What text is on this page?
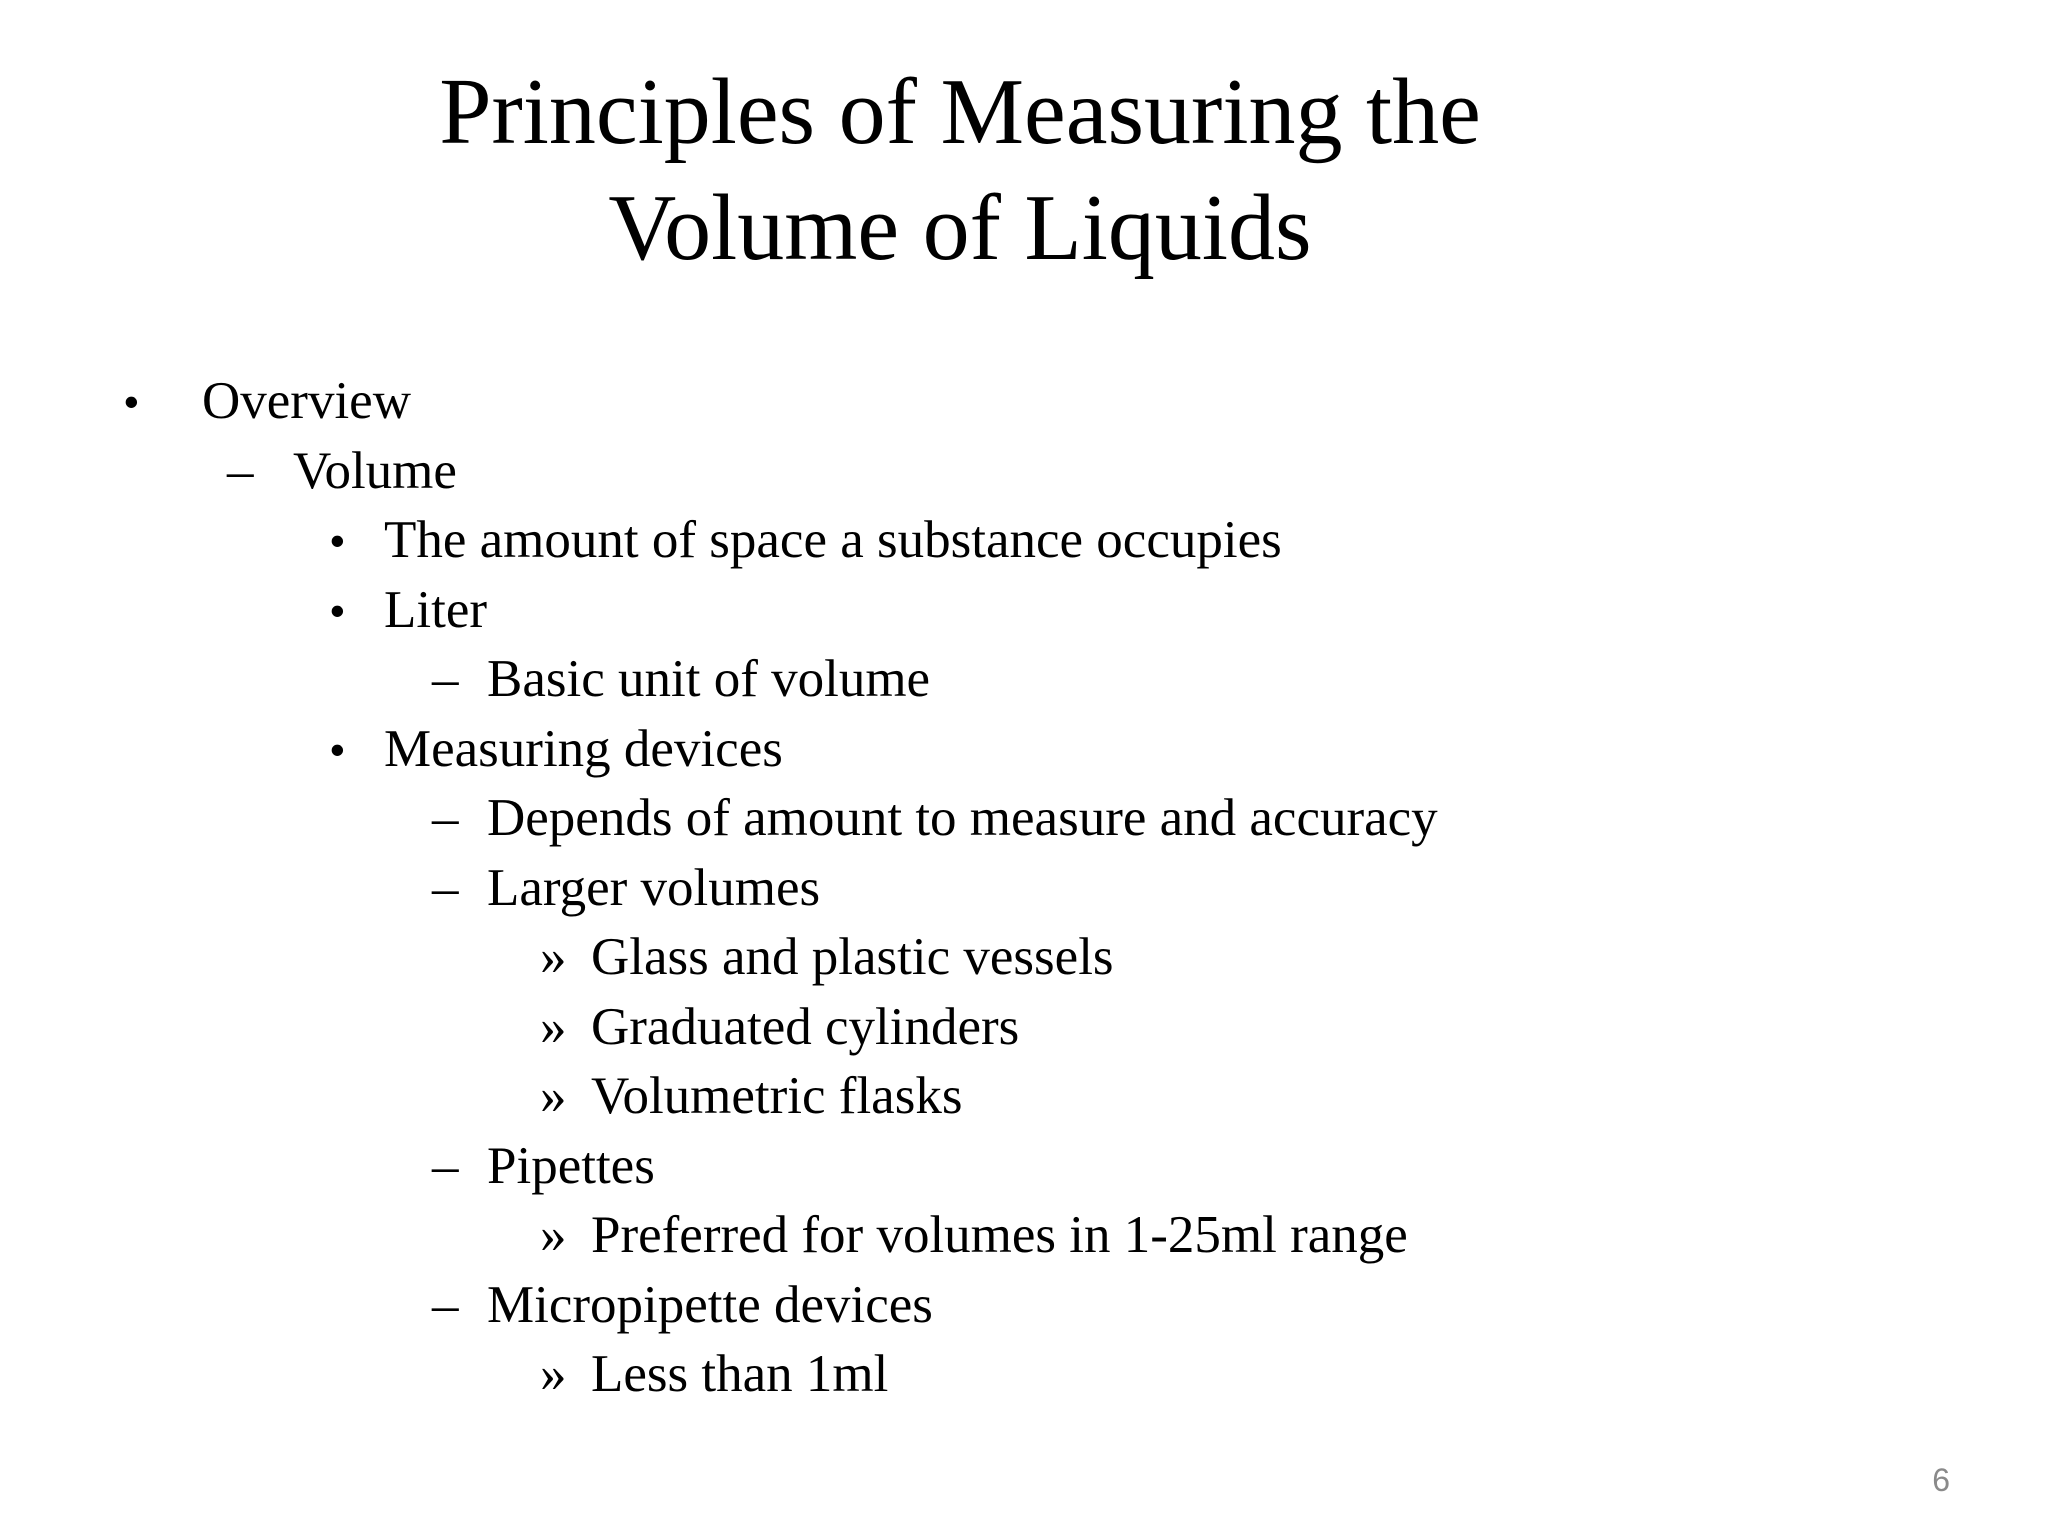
Principles of Measuring the
Volume of Liquids
• Overview
– Volume
• The amount of space a substance occupies
• Liter
– Basic unit of volume
• Measuring devices
– Depends of amount to measure and accuracy
– Larger volumes
» Glass and plastic vessels
» Graduated cylinders
» Volumetric flasks
– Pipettes
» Preferred for volumes in 1-25ml range
– Micropipette devices
» Less than 1ml
6
